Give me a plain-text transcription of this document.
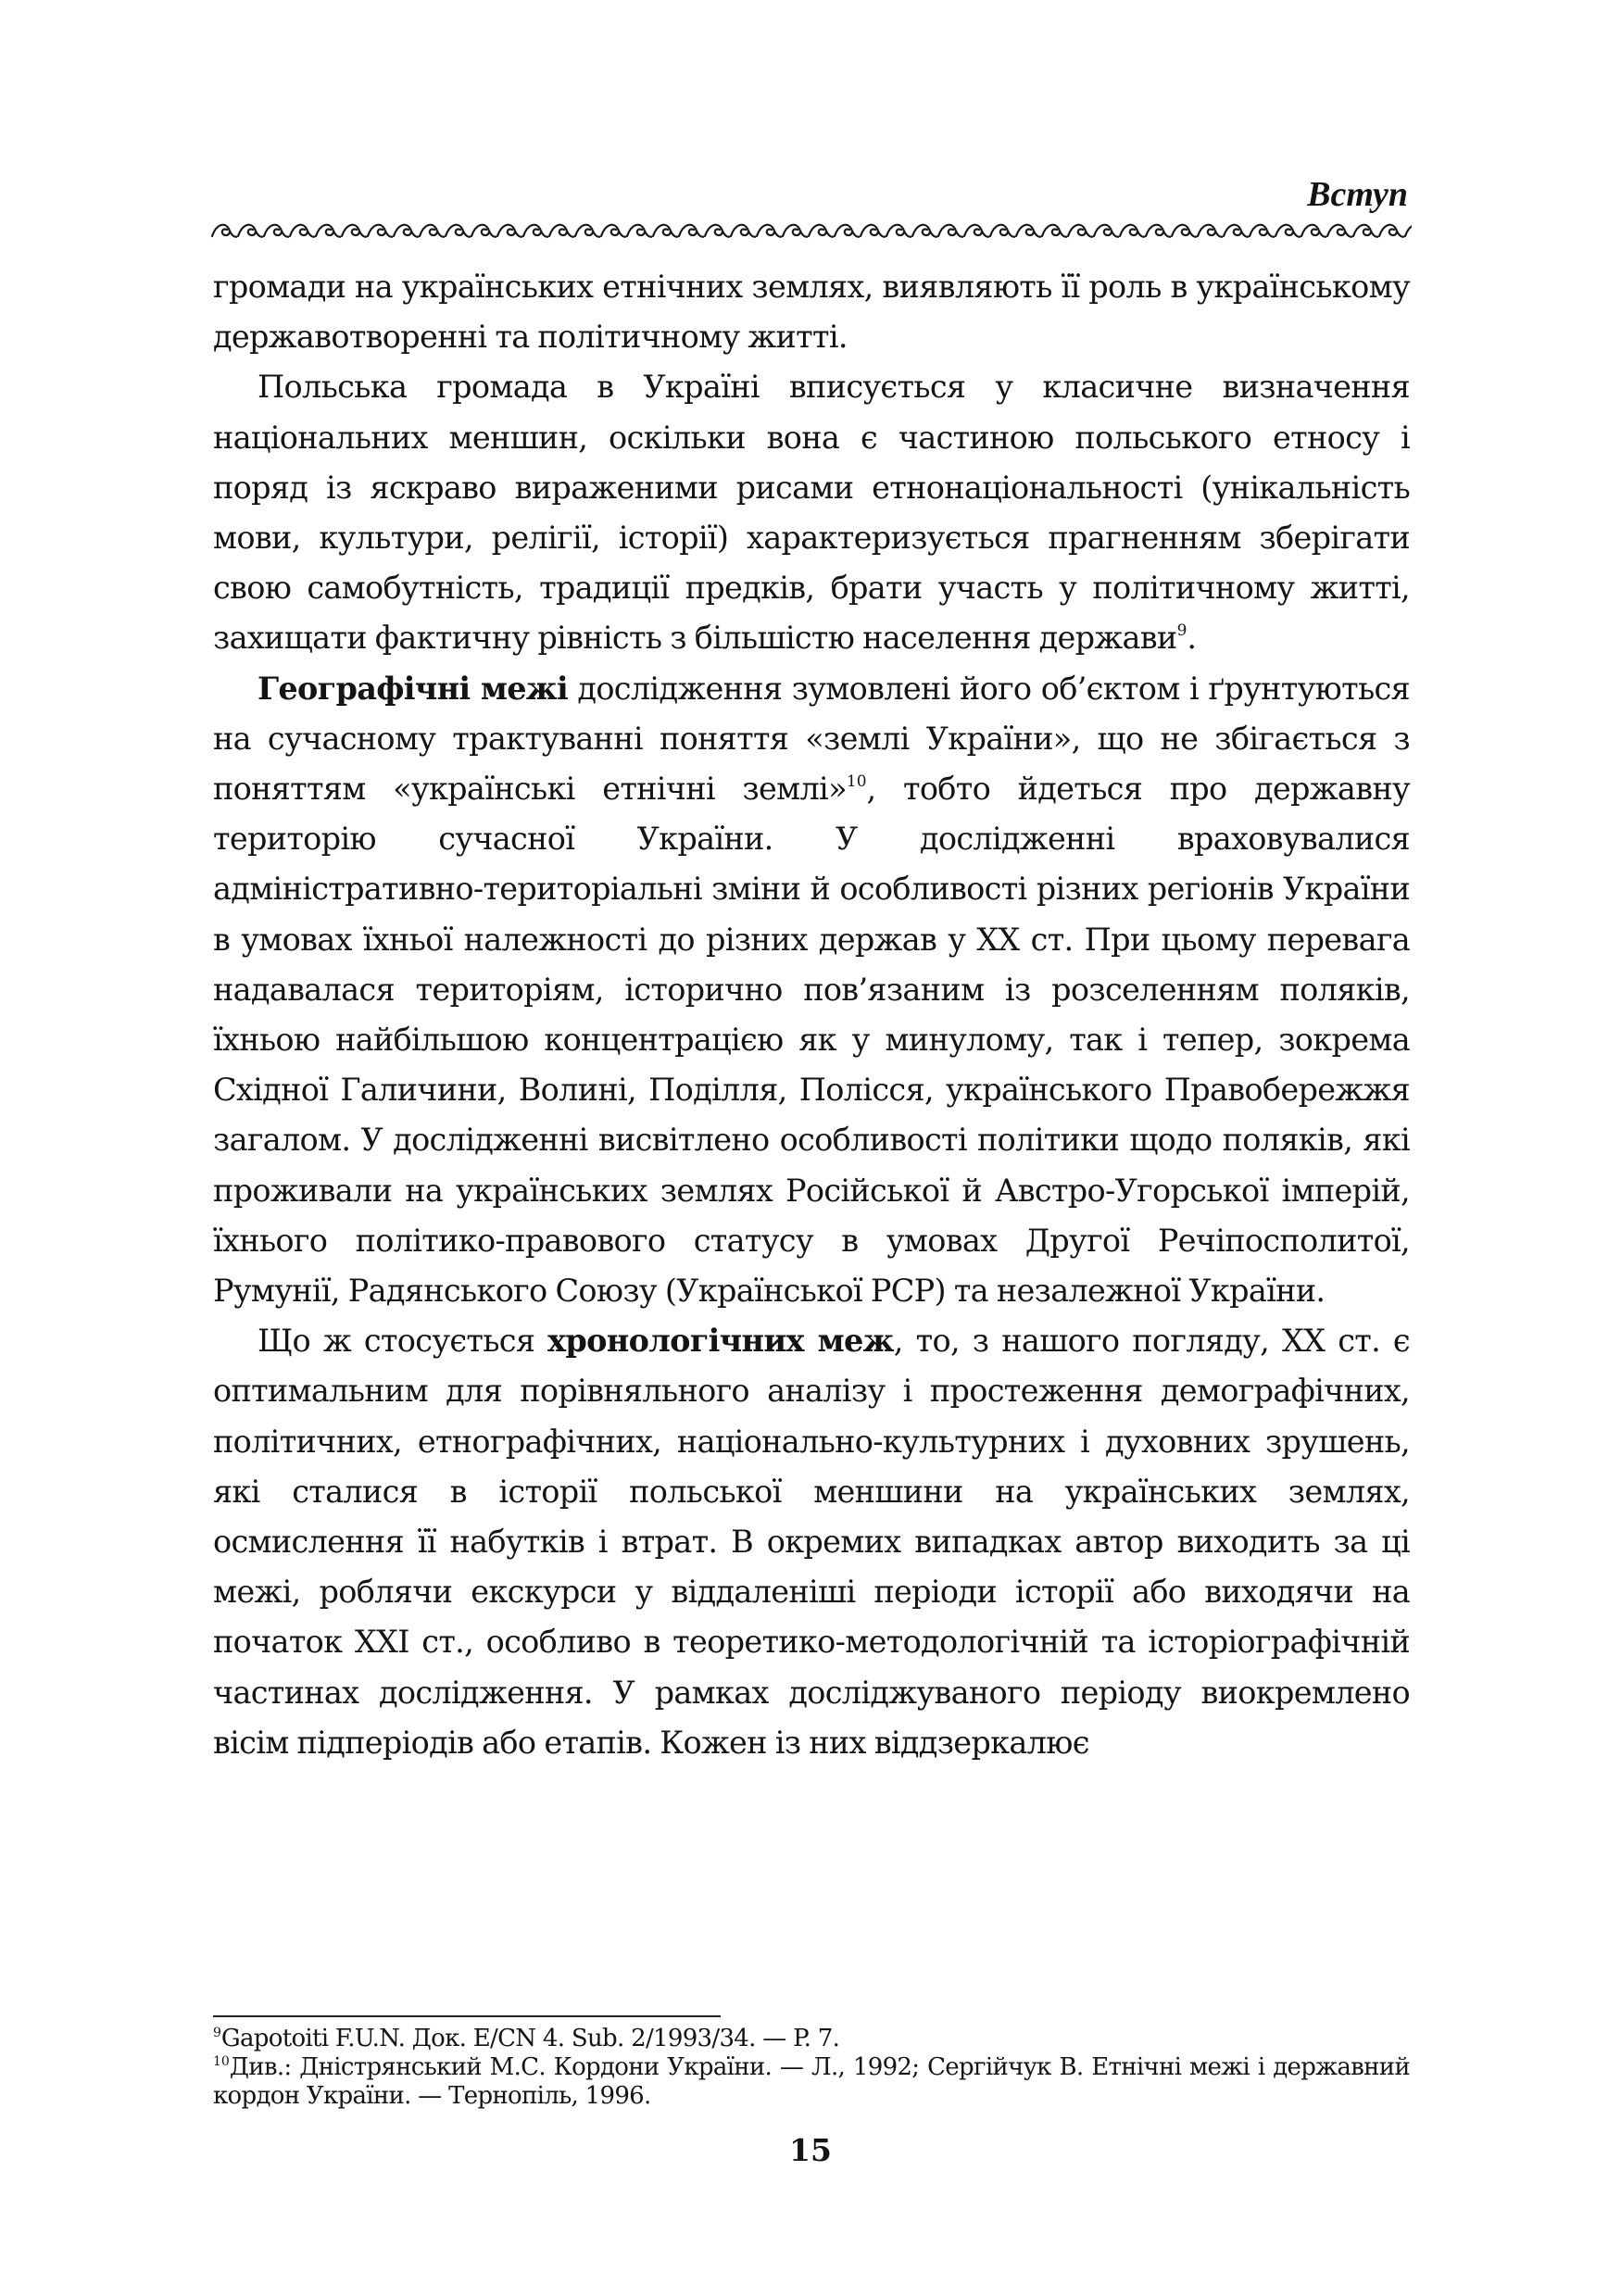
Вступ

громади на українських етнічних землях, виявляють її роль в українському державотворенні та політичному житті.

Польська громада в Україні вписується у класичне визначення національних меншин, оскільки вона є частиною польського етносу і поряд із яскраво вираженими рисами етнонаціональності (унікальність мови, культури, релігії, історії) характеризується прагненням зберігати свою самобутність, традиції предків, брати участь у політичному житті, захищати фактичну рівність з більшістю населення держави$^9$.

Географічні межі дослідження зумовлені його об’єктом і ґрунтуються на сучасному трактуванні поняття «землі України», що не збігається з поняттям «українські етнічні землі»$^{10}$, тобто йдеться про державну територію сучасної України. У дослідженні враховувалися адміністративно-територіальні зміни й особливості різних регіонів України в умовах їхньої належності до різних держав у XX ст. При цьому перевага надавалася територіям, історично пов’язаним із розселенням поляків, їхньою найбільшою концентрацією як у минулому, так і тепер, зокрема Східної Галичини, Волині, Поділля, Полісся, українського Правобережжя загалом. У дослідженні висвітлено особливості політики щодо поляків, які проживали на українських землях Російської й Австро-Угорської імперій, їхнього політико-правового статусу в умовах Другої Речіпосполитої, Румунії, Радянського Союзу (Української РСР) та незалежної України.

Що ж стосується хронологічних меж, то, з нашого погляду, XX ст. є оптимальним для порівняльного аналізу і простеження демографічних, політичних, етнографічних, національно-культурних і духовних зрушень, які сталися в історії польської меншини на українських землях, осмислення її набутків і втрат. В окремих випадках автор виходить за ці межі, роблячи екскурси у віддаленіші періоди історії або виходячи на початок XXI ст., особливо в теоретико-методологічній та історіографічній частинах дослідження. У рамках досліджуваного періоду виокремлено вісім підперіодів або етапів. Кожен із них віддзеркалює

$^9$Gapotoiti F.U.N. Док. E/CN 4. Sub. 2/1993/34. — P. 7.

$^{10}$Див.: Дністрянський М.С. Кордони України. — Л., 1992; Сергійчук В. Етнічні межі і державний кордон України. — Тернопіль, 1996.

15
